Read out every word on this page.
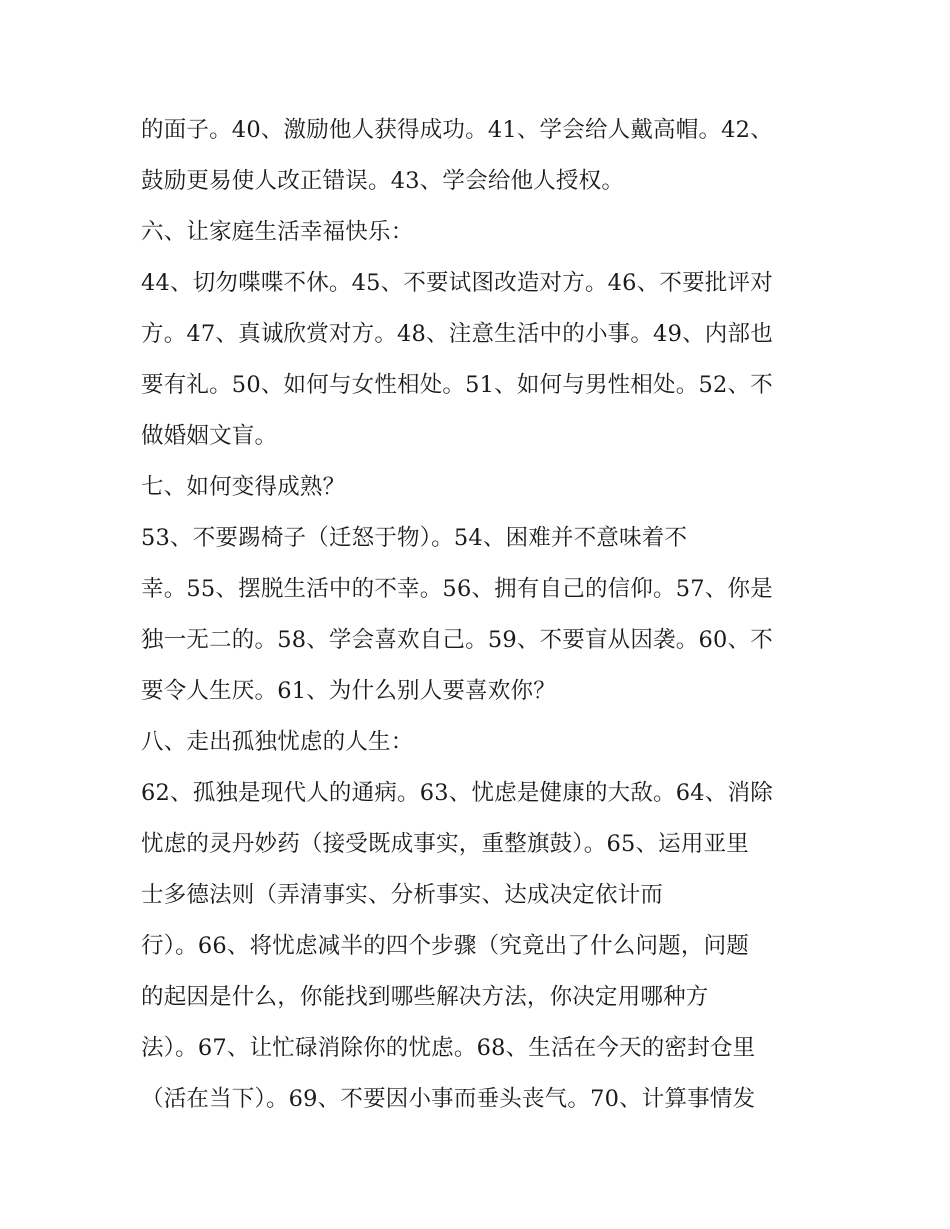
的面子。40、激励他人获得成功。41、学会给人戴高帽。42、
鼓励更易使人改正错误。43、学会给他人授权。
六、让家庭生活幸福快乐：
44、切勿喋喋不休。45、不要试图改造对方。46、不要批评对
方。47、真诚欣赏对方。48、注意生活中的小事。49、内部也
要有礼。50、如何与女性相处。51、如何与男性相处。52、不
做婚姻文盲。
七、如何变得成熟？
53、不要踢椅子（迁怒于物）。54、困难并不意味着不
幸。55、摆脱生活中的不幸。56、拥有自己的信仰。57、你是
独一无二的。58、学会喜欢自己。59、不要盲从因袭。60、不
要令人生厌。61、为什么别人要喜欢你？
八、走出孤独忧虑的人生：
62、孤独是现代人的通病。63、忧虑是健康的大敌。64、消除
忧虑的灵丹妙药（接受既成事实，重整旗鼓）。65、运用亚里
士多德法则（弄清事实、分析事实、达成决定依计而
行）。66、将忧虑减半的四个步骤（究竟出了什么问题，问题
的起因是什么，你能找到哪些解决方法，你决定用哪种方
法）。67、让忙碌消除你的忧虑。68、生活在今天的密封仓里
（活在当下）。69、不要因小事而垂头丧气。70、计算事情发
